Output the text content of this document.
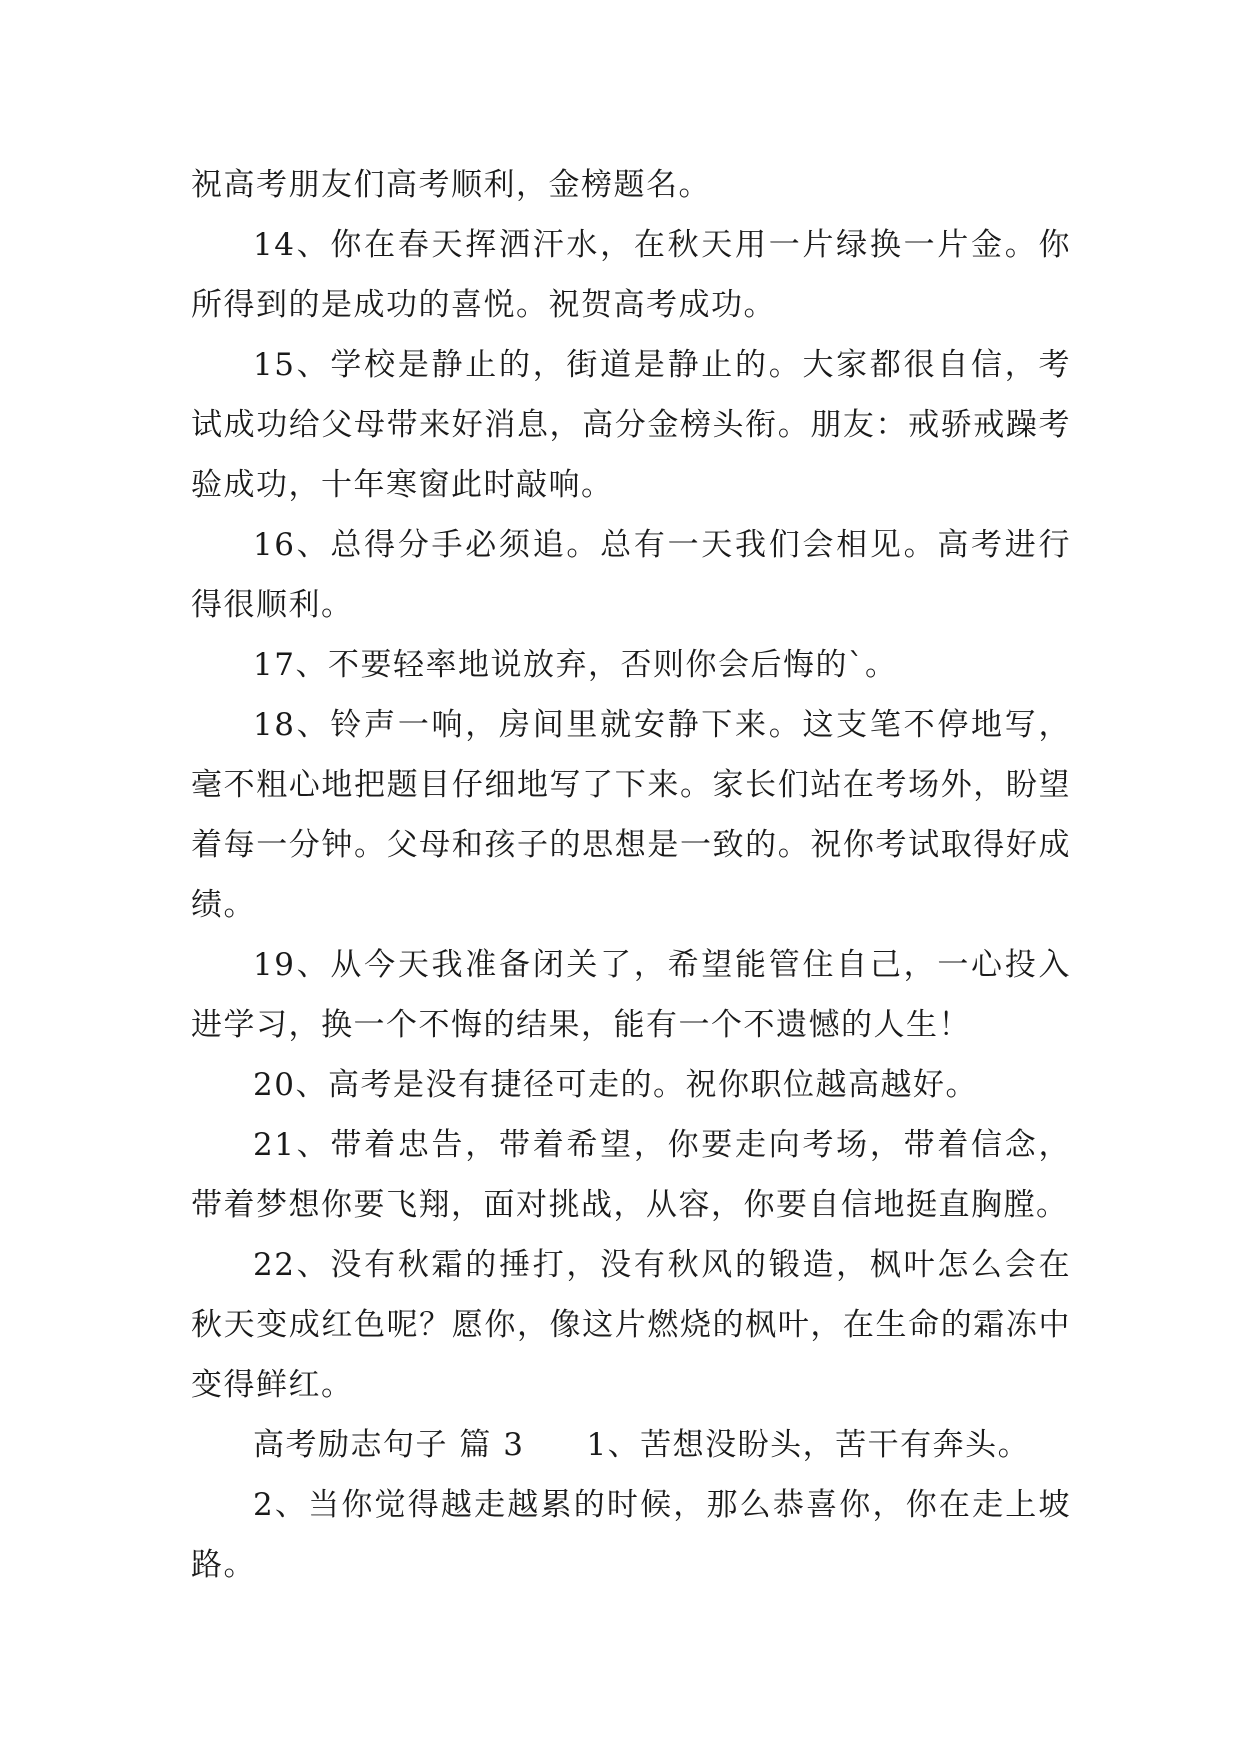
祝高考朋友们高考顺利，金榜题名。

14、你在春天挥洒汗水，在秋天用一片绿换一片金。你所得到的是成功的喜悦。祝贺高考成功。

15、学校是静止的，街道是静止的。大家都很自信，考试成功给父母带来好消息，高分金榜头衔。朋友：戒骄戒躁考验成功，十年寒窗此时敲响。

16、总得分手必须追。总有一天我们会相见。高考进行得很顺利。

17、不要轻率地说放弃，否则你会后悔的`。

18、铃声一响，房间里就安静下来。这支笔不停地写，毫不粗心地把题目仔细地写了下来。家长们站在考场外，盼望着每一分钟。父母和孩子的思想是一致的。祝你考试取得好成绩。

19、从今天我准备闭关了，希望能管住自己，一心投入进学习，换一个不悔的结果，能有一个不遗憾的人生！

20、高考是没有捷径可走的。祝你职位越高越好。

21、带着忠告，带着希望，你要走向考场，带着信念，带着梦想你要飞翔，面对挑战，从容，你要自信地挺直胸膛。

22、没有秋霜的捶打，没有秋风的锻造，枫叶怎么会在秋天变成红色呢？愿你，像这片燃烧的枫叶，在生命的霜冻中变得鲜红。

高考励志句子 篇 3 1、苦想没盼头，苦干有奔头。

2、当你觉得越走越累的时候，那么恭喜你，你在走上坡路。
